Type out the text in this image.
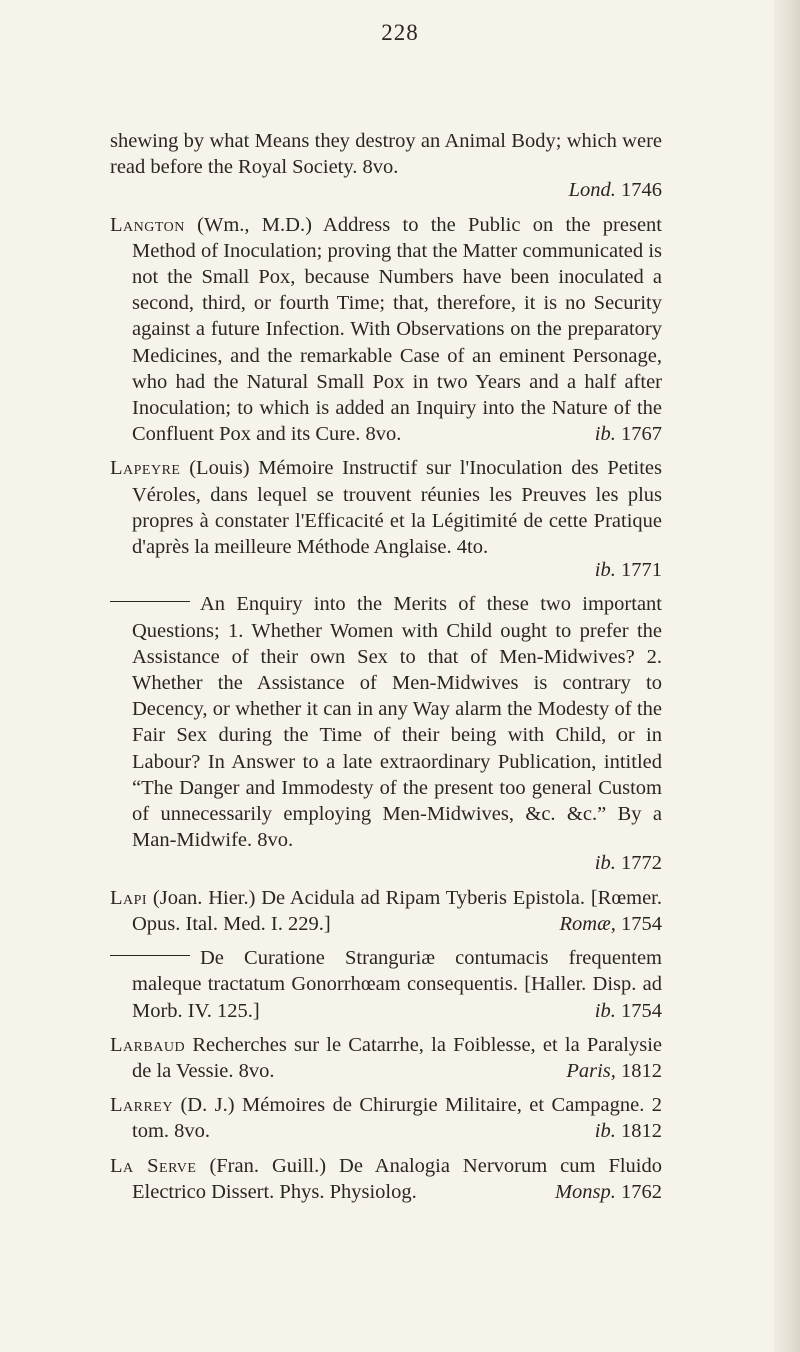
228

shewing by what Means they destroy an Animal Body; which were read before the Royal Society. 8vo.
Lond. 1746

Langton (Wm., M.D.) Address to the Public on the present Method of Inoculation; proving that the Matter communicated is not the Small Pox, because Numbers have been inoculated a second, third, or fourth Time; that, therefore, it is no Security against a future Infection. With Observations on the preparatory Medicines, and the remarkable Case of an eminent Personage, who had the Natural Small Pox in two Years and a half after Inoculation; to which is added an Inquiry into the Nature of the Confluent Pox and its Cure. 8vo.	ib. 1767

Lapeyre (Louis) Mémoire Instructif sur l'Inoculation des Petites Véroles, dans lequel se trouvent réunies les Preuves les plus propres à constater l'Efficacité et la Légitimité de cette Pratique d'après la meilleure Méthode Anglaise. 4to.
ib. 1771

An Enquiry into the Merits of these two important Questions; 1. Whether Women with Child ought to prefer the Assistance of their own Sex to that of Men-Midwives? 2. Whether the Assistance of Men-Midwives is contrary to Decency, or whether it can in any Way alarm the Modesty of the Fair Sex during the Time of their being with Child, or in Labour? In Answer to a late extraordinary Publication, intitled “The Danger and Immodesty of the present too general Custom of unnecessarily employing Men-Midwives, &c. &c.” By a Man-Midwife. 8vo.
ib. 1772

Lapi (Joan. Hier.) De Acidula ad Ripam Tyberis Epistola. [Rœmer. Opus. Ital. Med. I. 229.]	Romæ, 1754

De Curatione Stranguriæ contumacis frequentem maleque tractatum Gonorrhœam consequentis. [Haller. Disp. ad Morb. IV. 125.]	ib. 1754

Larbaud Recherches sur le Catarrhe, la Foiblesse, et la Paralysie de la Vessie. 8vo.	Paris, 1812

Larrey (D. J.) Mémoires de Chirurgie Militaire, et Campagne. 2 tom. 8vo.	ib. 1812

La Serve (Fran. Guill.) De Analogia Nervorum cum Fluido Electrico Dissert. Phys. Physiolog.	Monsp. 1762
